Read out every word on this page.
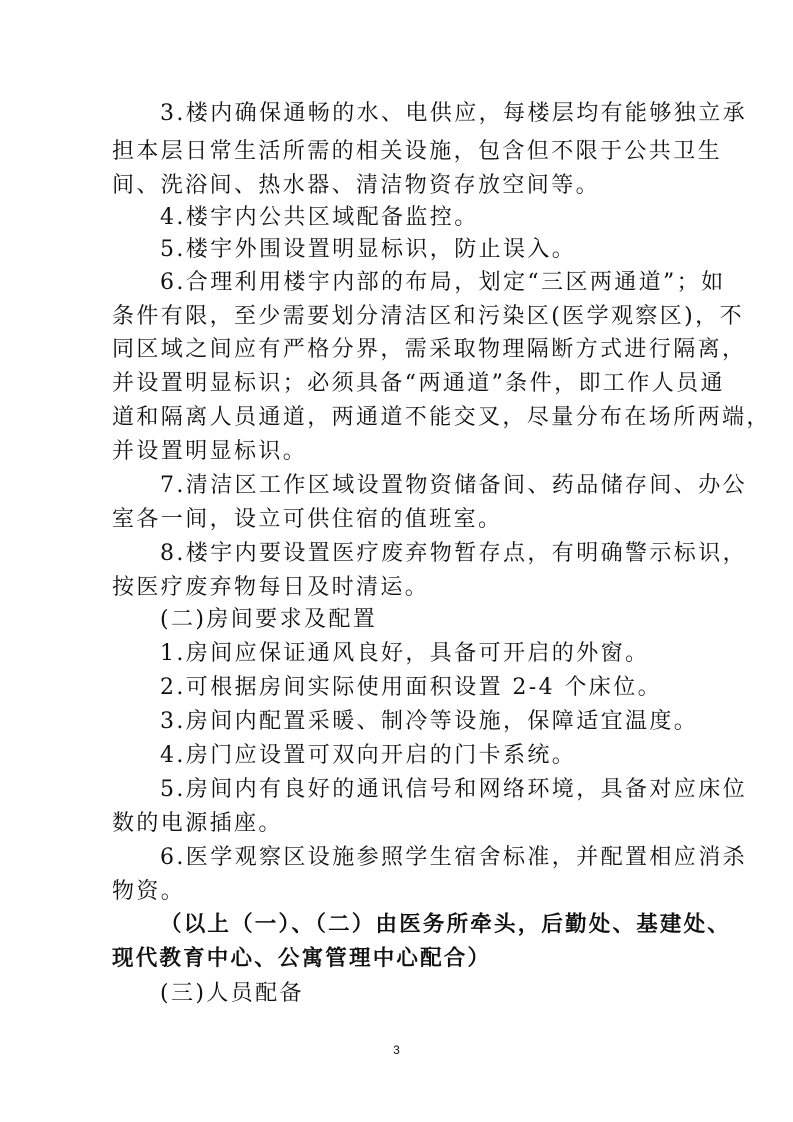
3.楼内确保通畅的水、电供应，每楼层均有能够独立承
担本层日常生活所需的相关设施，包含但不限于公共卫生
间、洗浴间、热水器、清洁物资存放空间等。
4.楼宇内公共区域配备监控。
5.楼宇外围设置明显标识，防止误入。
6.合理利用楼宇内部的布局，划定“三区两通道”；如
条件有限，至少需要划分清洁区和污染区(医学观察区)，不
同区域之间应有严格分界，需采取物理隔断方式进行隔离，
并设置明显标识；必须具备“两通道”条件，即工作人员通
道和隔离人员通道，两通道不能交叉，尽量分布在场所两端，
并设置明显标识。
7.清洁区工作区域设置物资储备间、药品储存间、办公
室各一间，设立可供住宿的值班室。
8.楼宇内要设置医疗废弃物暂存点，有明确警示标识，
按医疗废弃物每日及时清运。
(二)房间要求及配置
1.房间应保证通风良好，具备可开启的外窗。
2.可根据房间实际使用面积设置 2-4 个床位。
3.房间内配置采暖、制冷等设施，保障适宜温度。
4.房门应设置可双向开启的门卡系统。
5.房间内有良好的通讯信号和网络环境，具备对应床位
数的电源插座。
6.医学观察区设施参照学生宿舍标准，并配置相应消杀
物资。
（以上（一）、（二）由医务所牵头，后勤处、基建处、
现代教育中心、公寓管理中心配合）
(三)人员配备
3
